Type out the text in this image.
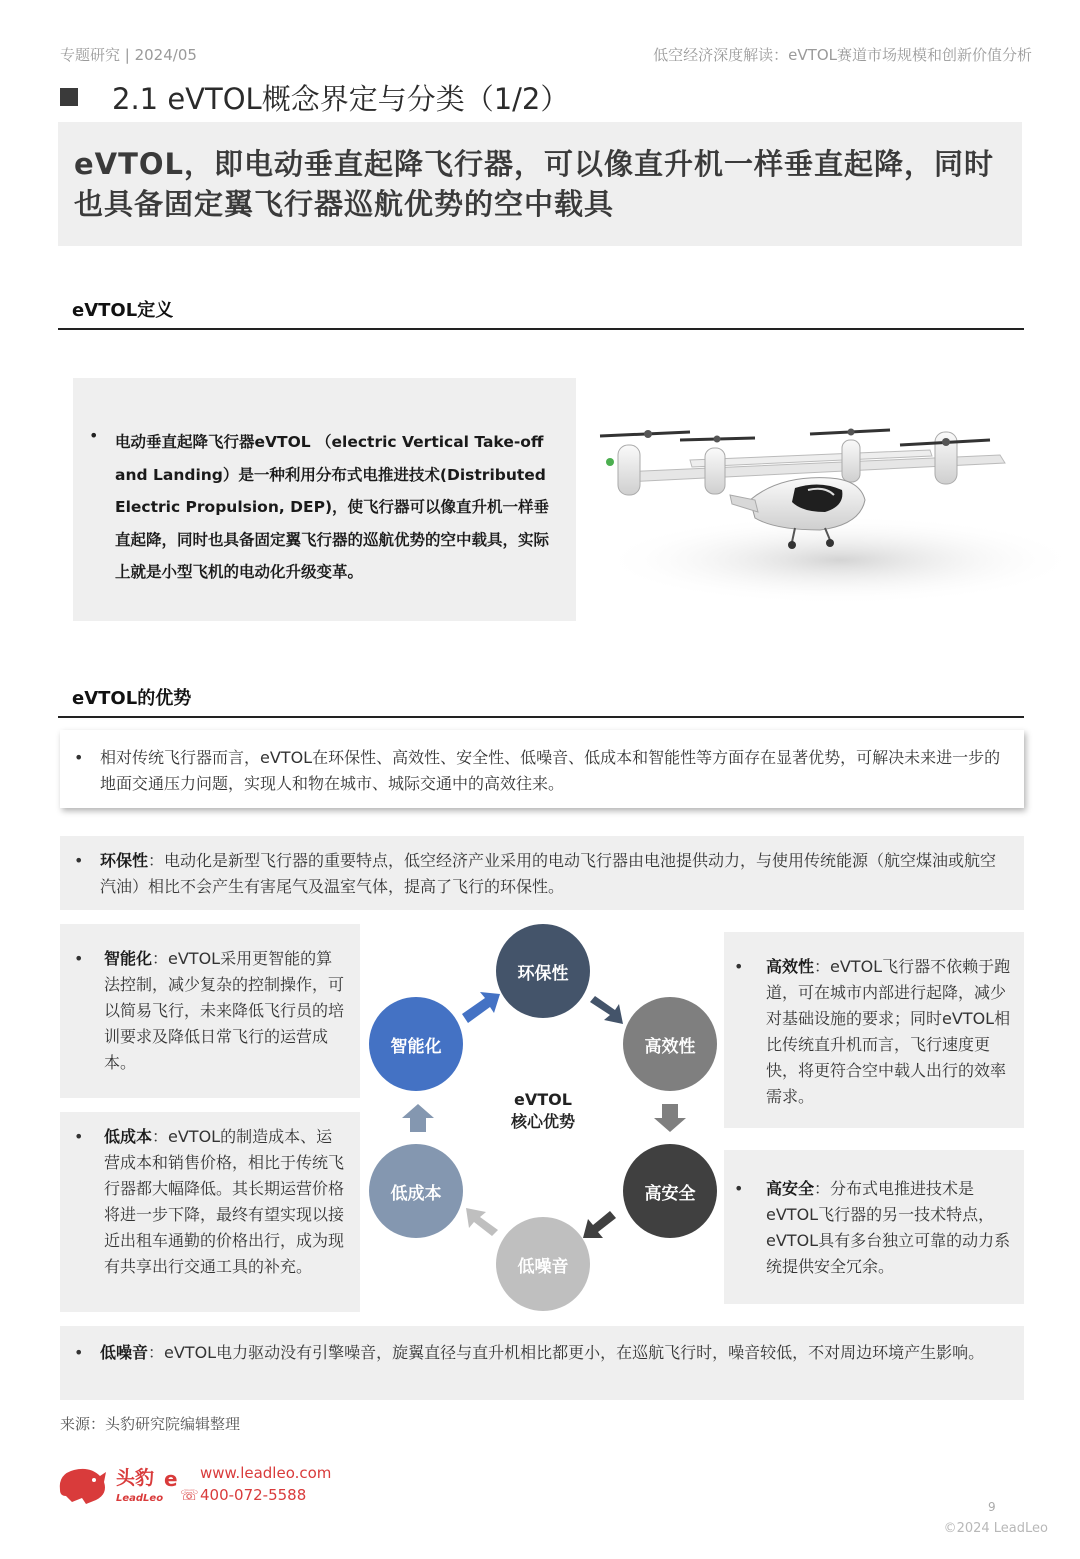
专题研究 | 2024/05	低空经济深度解读：eVTOL赛道市场规模和创新价值分析
2.1 eVTOL概念界定与分类（1/2）
eVTOL，即电动垂直起降飞行器，可以像直升机一样垂直起降，同时也具备固定翼飞行器巡航优势的空中载具
eVTOL定义
•	电动垂直起降飞行器eVTOL （electric Vertical Take-off and Landing）是一种利用分布式电推进技术(Distributed Electric Propulsion, DEP)，使飞行器可以像直升机一样垂直起降，同时也具备固定翼飞行器的巡航优势的空中载具，实际上就是小型飞机的电动化升级变革。
eVTOL的优势
•	相对传统飞行器而言，eVTOL在环保性、高效性、安全性、低噪音、低成本和智能性等方面存在显著优势，可解决未来进一步的地面交通压力问题，实现人和物在城市、城际交通中的高效往来。
•	环保性：电动化是新型飞行器的重要特点，低空经济产业采用的电动飞行器由电池提供动力，与使用传统能源（航空煤油或航空汽油）相比不会产生有害尾气及温室气体，提高了飞行的环保性。
•	智能化：eVTOL采用更智能的算法控制，减少复杂的控制操作，可以简易飞行，未来降低飞行员的培训要求及降低日常飞行的运营成本。
•	低成本：eVTOL的制造成本、运营成本和销售价格，相比于传统飞行器都大幅降低。其长期运营价格将进一步下降，最终有望实现以接近出租车通勤的价格出行，成为现有共享出行交通工具的补充。
•	高效性：eVTOL飞行器不依赖于跑道，可在城市内部进行起降，减少对基础设施的要求；同时eVTOL相比传统直升机而言，飞行速度更快，将更符合空中载人出行的效率需求。
•	高安全：分布式电推进技术是eVTOL飞行器的另一技术特点，eVTOL具有多台独立可靠的动力系统提供安全冗余。
环保性
高效性
高安全
低噪音
低成本
智能化
eVTOL
核心优势
•	低噪音：eVTOL电力驱动没有引擎噪音，旋翼直径与直升机相比都更小，在巡航飞行时，噪音较低，不对周边环境产生影响。
来源：头豹研究院编辑整理
头豹
LeadLeo
e www.leadleo.com
☏ 400-072-5588
9
©2024 LeadLeo
